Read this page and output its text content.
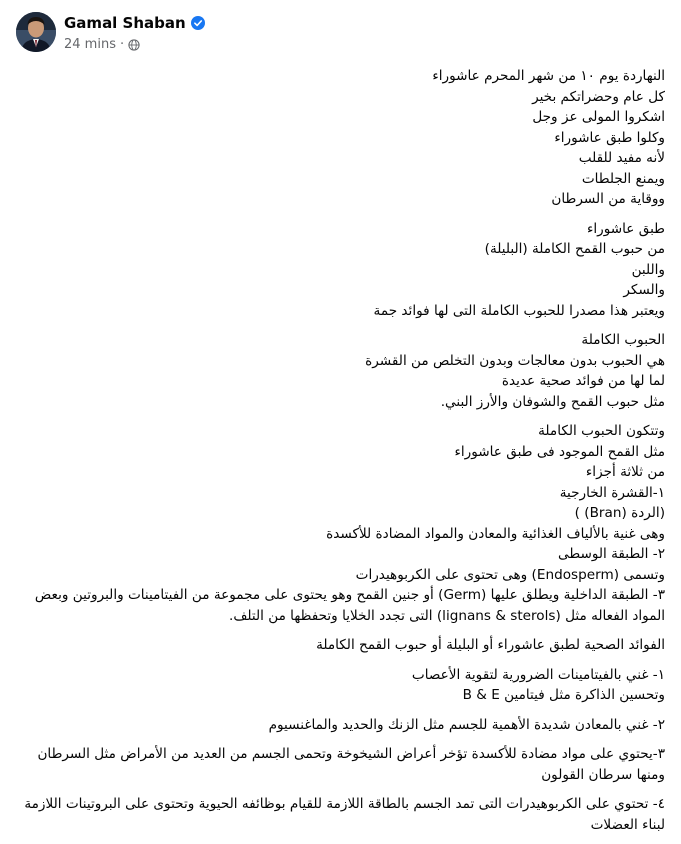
Gamal Shaban
24 mins ·
النهاردة يوم ١٠ من شهر المحرم عاشوراء
كل عام وحضراتكم بخير
اشكروا المولى عز وجل
وكلوا طبق عاشوراء
لأنه مفيد للقلب
ويمنع الجلطات
ووقاية من السرطان
طبق عاشوراء
من حبوب القمح الكاملة (البليلة)
واللبن
والسكر
ويعتبر هذا مصدرا للحبوب الكاملة التى لها فوائد جمة
الحبوب الكاملة
هي الحبوب بدون معالجات وبدون التخلص من القشرة
لما لها من فوائد صحية عديدة
مثل حبوب القمح والشوفان والأرز البني.
وتتكون الحبوب الكاملة
مثل القمح الموجود فى طبق عاشوراء
من ثلاثة أجزاء
١-القشرة الخارجية
(الردة (Bran) )
وهى غنية بالألياف الغذائية والمعادن والمواد المضادة للأكسدة
٢- الطبقة الوسطى
وتسمى (Endosperm) وهى تحتوى على الكربوهيدرات
٣- الطبقة الداخلية ويطلق عليها (Germ) أو جنين القمح وهو يحتوى على مجموعة من الفيتامينات والبروتين وبعض المواد الفعاله مثل (lignans & sterols) التى تجدد الخلايا وتحفظها من التلف.
الفوائد الصحية لطبق عاشوراء أو البليلة أو حبوب القمح الكاملة
١- غني بالفيتامينات الضرورية لتقوية الأعصاب
وتحسين الذاكرة مثل فيتامين B & E
٢- غني بالمعادن شديدة الأهمية للجسم مثل الزنك والحديد والماغنسيوم
٣-يحتوي على مواد مضادة للأكسدة تؤخر أعراض الشيخوخة وتحمى الجسم من العديد من الأمراض مثل السرطان ومنها سرطان القولون
٤- تحتوي على الكربوهيدرات التى تمد الجسم بالطاقة اللازمة للقيام بوظائفه الحيوية وتحتوى على البروتينات اللازمة لبناء العضلات
